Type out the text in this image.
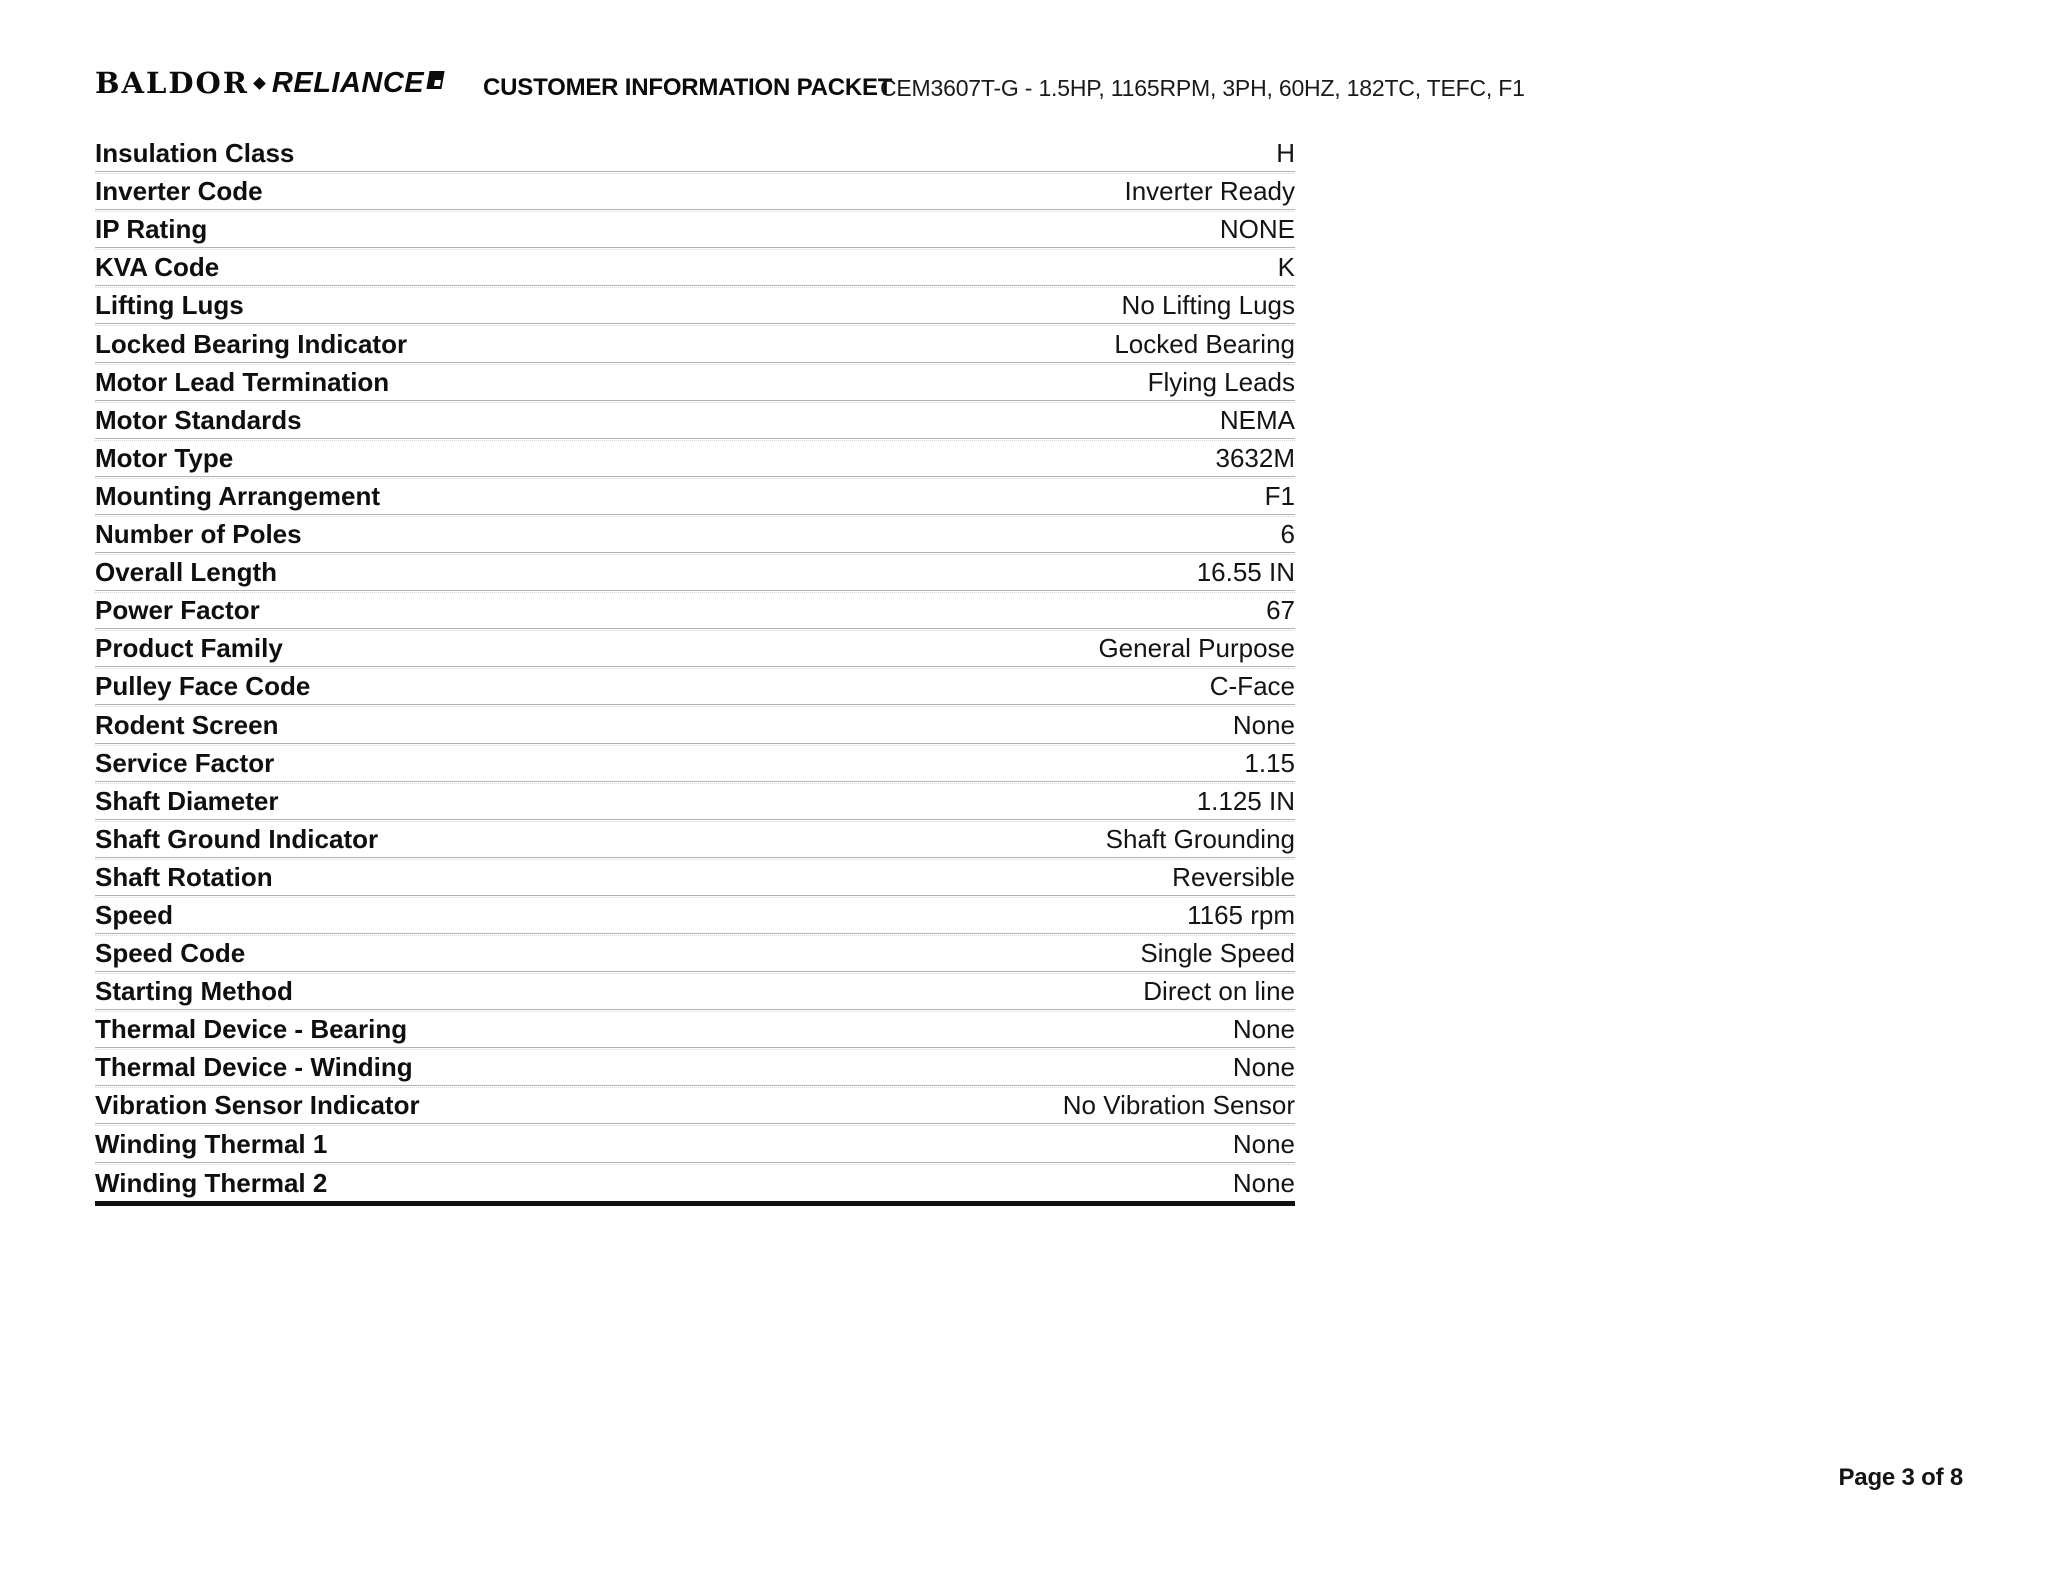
BALDOR RELIANCE CUSTOMER INFORMATION PACKET
CEM3607T-G - 1.5HP, 1165RPM, 3PH, 60HZ, 182TC, TEFC, F1
Insulation Class	H
Inverter Code	Inverter Ready
IP Rating	NONE
KVA Code	K
Lifting Lugs	No Lifting Lugs
Locked Bearing Indicator	Locked Bearing
Motor Lead Termination	Flying Leads
Motor Standards	NEMA
Motor Type	3632M
Mounting Arrangement	F1
Number of Poles	6
Overall Length	16.55 IN
Power Factor	67
Product Family	General Purpose
Pulley Face Code	C-Face
Rodent Screen	None
Service Factor	1.15
Shaft Diameter	1.125 IN
Shaft Ground Indicator	Shaft Grounding
Shaft Rotation	Reversible
Speed	1165 rpm
Speed Code	Single Speed
Starting Method	Direct on line
Thermal Device - Bearing	None
Thermal Device - Winding	None
Vibration Sensor Indicator	No Vibration Sensor
Winding Thermal 1	None
Winding Thermal 2	None
Page 3 of 8
